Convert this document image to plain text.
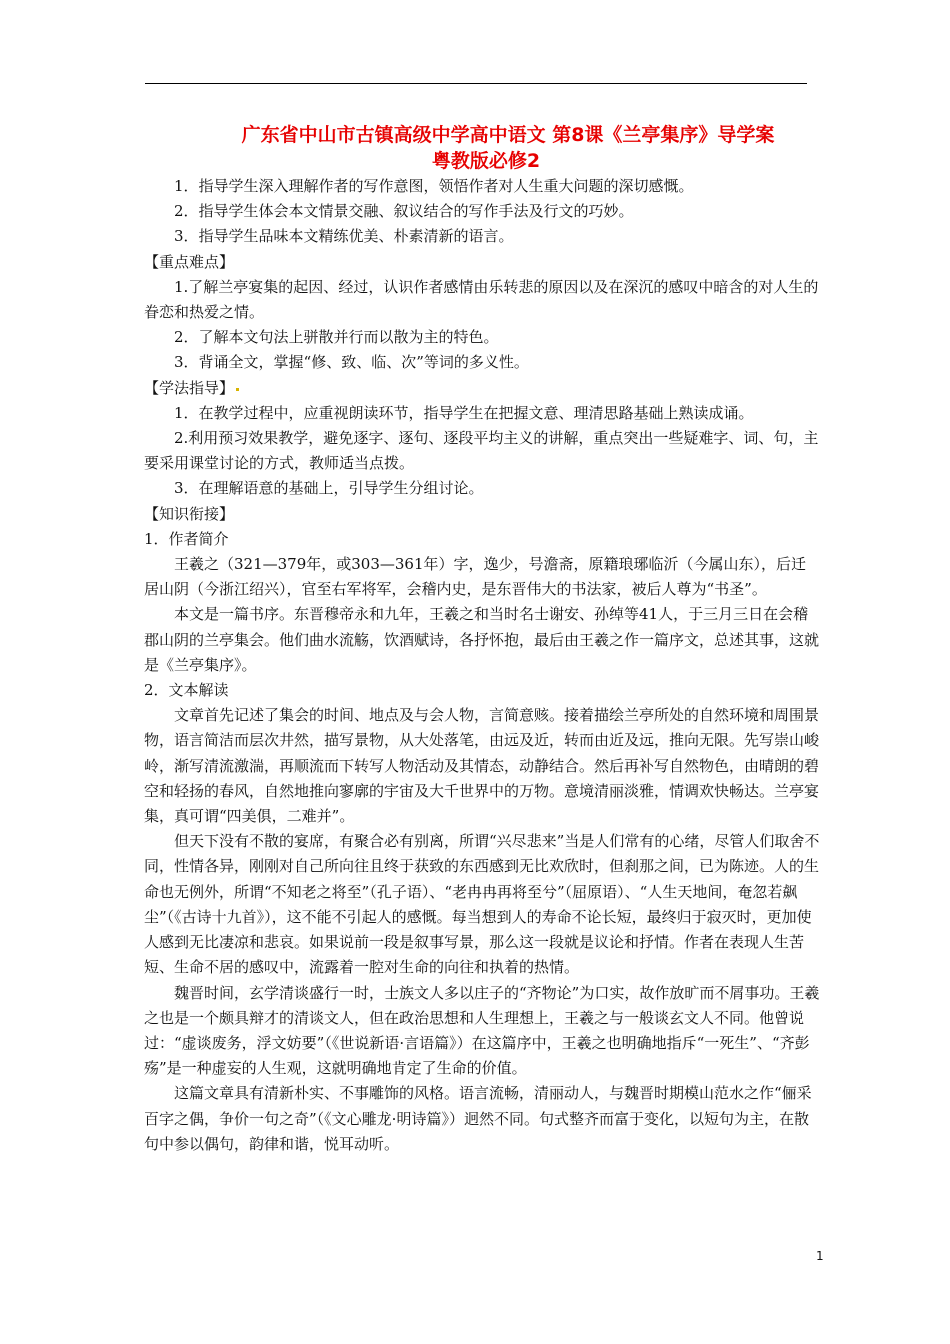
广东省中山市古镇高级中学高中语文 第8课《兰亭集序》导学案
粤教版必修2

1．指导学生深入理解作者的写作意图，领悟作者对人生重大问题的深切感慨。

2．指导学生体会本文情景交融、叙议结合的写作手法及行文的巧妙。

3．指导学生品味本文精练优美、朴素清新的语言。

【重点难点】

1.了解兰亭宴集的起因、经过，认识作者感情由乐转悲的原因以及在深沉的感叹中暗含的对人生的眷恋和热爱之情。

2．了解本文句法上骈散并行而以散为主的特色。

3．背诵全文，掌握“修、致、临、次”等词的多义性。

【学法指导】

1．在教学过程中，应重视朗读环节，指导学生在把握文意、理清思路基础上熟读成诵。

2.利用预习效果教学，避免逐字、逐句、逐段平均主义的讲解，重点突出一些疑难字、词、句，主要采用课堂讨论的方式，教师适当点拨。

3．在理解语意的基础上，引导学生分组讨论。

【知识衔接】

1．作者简介

王羲之（321—379年，或303—361年）字，逸少，号澹斋，原籍琅琊临沂（今属山东），后迁居山阴（今浙江绍兴），官至右军将军，会稽内史，是东晋伟大的书法家，被后人尊为“书圣”。

本文是一篇书序。东晋穆帝永和九年，王羲之和当时名士谢安、孙绰等41人，于三月三日在会稽郡山阴的兰亭集会。他们曲水流觞，饮酒赋诗，各抒怀抱，最后由王羲之作一篇序文，总述其事，这就是《兰亭集序》。

2．文本解读

文章首先记述了集会的时间、地点及与会人物，言简意赅。接着描绘兰亭所处的自然环境和周围景物，语言简洁而层次井然，描写景物，从大处落笔，由远及近，转而由近及远，推向无限。先写崇山峻岭，渐写清流激湍，再顺流而下转写人物活动及其情态，动静结合。然后再补写自然物色，由晴朗的碧空和轻扬的春风，自然地推向寥廓的宇宙及大千世界中的万物。意境清丽淡雅，情调欢快畅达。兰亭宴集，真可谓“四美俱，二难并”。

但天下没有不散的宴席，有聚合必有别离，所谓“兴尽悲来”当是人们常有的心绪，尽管人们取舍不同，性情各异，刚刚对自己所向往且终于获致的东西感到无比欢欣时，但刹那之间，已为陈迹。人的生命也无例外，所谓“不知老之将至”（孔子语）、“老冉冉再将至兮”（屈原语）、“人生天地间，奄忽若飙尘”（《古诗十九首》），这不能不引起人的感慨。每当想到人的寿命不论长短，最终归于寂灭时，更加使人感到无比凄凉和悲哀。如果说前一段是叙事写景，那么这一段就是议论和抒情。作者在表现人生苦短、生命不居的感叹中，流露着一腔对生命的向往和执着的热情。

魏晋时间，玄学清谈盛行一时，士族文人多以庄子的“齐物论”为口实，故作放旷而不屑事功。王羲之也是一个颇具辩才的清谈文人，但在政治思想和人生理想上，王羲之与一般谈玄文人不同。他曾说过：“虚谈废务，浮文妨要”（《世说新语·言语篇》）在这篇序中，王羲之也明确地指斥“一死生”、“齐彭殇”是一种虚妄的人生观，这就明确地肯定了生命的价值。

这篇文章具有清新朴实、不事雕饰的风格。语言流畅，清丽动人，与魏晋时期模山范水之作“俪采百字之偶，争价一句之奇”（《文心雕龙·明诗篇》）迥然不同。句式整齐而富于变化，以短句为主，在散句中参以偶句，韵律和谐，悦耳动听。

1
